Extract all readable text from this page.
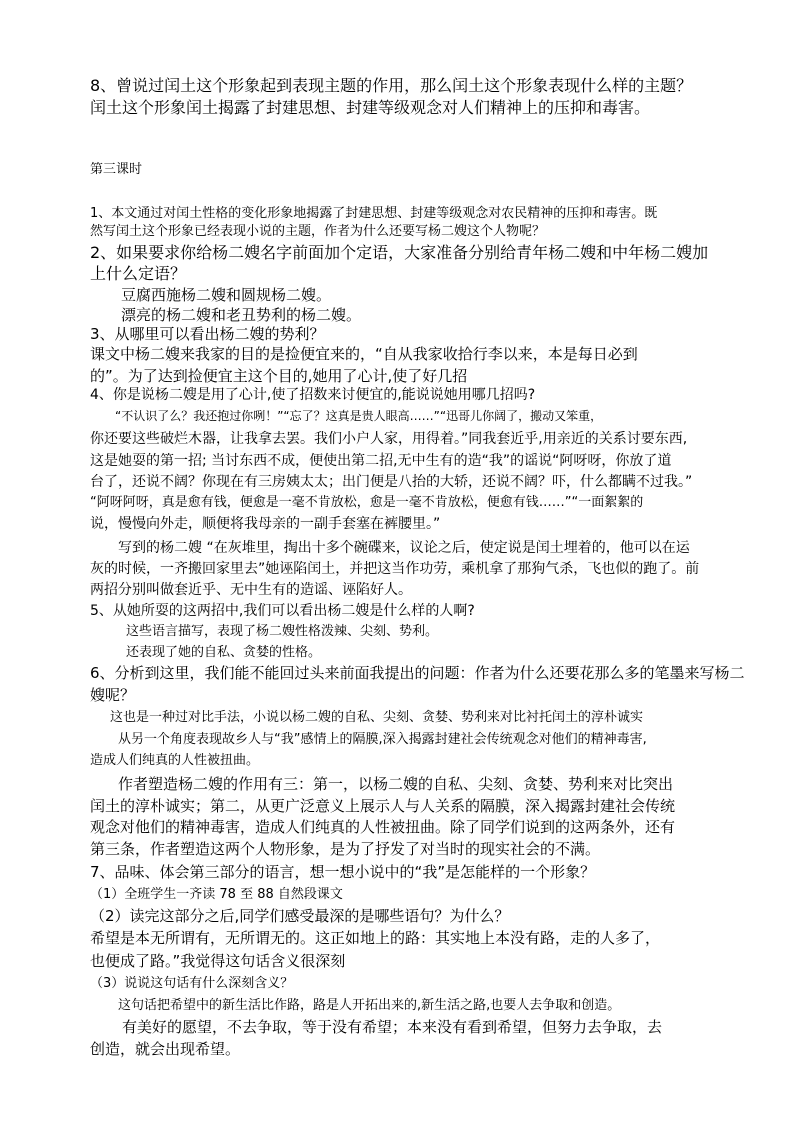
8、曾说过闰土这个形象起到表现主题的作用，那么闰土这个形象表现什么样的主题？
闰土这个形象闰土揭露了封建思想、封建等级观念对人们精神上的压抑和毒害。
第三课时
1、本文通过对闰土性格的变化形象地揭露了封建思想、封建等级观念对农民精神的压抑和毒害。既
然写闰土这个形象已经表现小说的主题，作者为什么还要写杨二嫂这个人物呢？
2、如果要求你给杨二嫂名字前面加个定语，大家准备分别给青年杨二嫂和中年杨二嫂加
上什么定语？
豆腐西施杨二嫂和圆规杨二嫂。
漂亮的杨二嫂和老丑势利的杨二嫂。
3、从哪里可以看出杨二嫂的势利？
课文中杨二嫂来我家的目的是捡便宜来的，“自从我家收拾行李以来，本是每日必到
的”。为了达到捡便宜主这个目的,她用了心计,使了好几招
4、你是说杨二嫂是用了心计,使了招数来讨便宜的,能说说她用哪几招吗?
“不认识了么？我还抱过你咧！”“忘了？这真是贵人眼高……”“迅哥儿你阔了，搬动又笨重，
你还要这些破烂木器，让我拿去罢。我们小户人家，用得着。”同我套近乎,用亲近的关系讨要东西,
这是她耍的第一招; 当讨东西不成，便使出第二招,无中生有的造“我”的谣说“阿呀呀，你放了道
台了，还说不阔？你现在有三房姨太太；出门便是八抬的大轿，还说不阔？吓，什么都瞒不过我。”
“阿呀阿呀，真是愈有钱，便愈是一毫不肯放松，愈是一毫不肯放松，便愈有钱……”“一面絮絮的
说，慢慢向外走，顺便将我母亲的一副手套塞在裤腰里。”
写到的杨二嫂 “在灰堆里，掏出十多个碗碟来，议论之后，使定说是闰土埋着的，他可以在运
灰的时候，一齐搬回家里去”她诬陷闰土，并把这当作功劳，乘机拿了那狗气杀，飞也似的跑了。前
两招分别叫做套近乎、无中生有的造谣、诬陷好人。
5、从她所耍的这两招中,我们可以看出杨二嫂是什么样的人啊?
这些语言描写，表现了杨二嫂性格泼辣、尖刻、势利。
还表现了她的自私、贪婪的性格。
6、分析到这里，我们能不能回过头来前面我提出的问题：作者为什么还要花那么多的笔墨来写杨二
嫂呢？
这也是一种过对比手法，小说以杨二嫂的自私、尖刻、贪婪、势利来对比衬托闰土的淳朴诚实
从另一个角度表现故乡人与“我”感情上的隔膜,深入揭露封建社会传统观念对他们的精神毒害,
造成人们纯真的人性被扭曲。
作者塑造杨二嫂的作用有三：第一，以杨二嫂的自私、尖刻、贪婪、势利来对比突出
闰土的淳朴诚实；第二，从更广泛意义上展示人与人关系的隔膜，深入揭露封建社会传统
观念对他们的精神毒害，造成人们纯真的人性被扭曲。除了同学们说到的这两条外，还有
第三条，作者塑造这两个人物形象，是为了抒发了对当时的现实社会的不满。
7、品味、体会第三部分的语言，想一想小说中的“我”是怎能样的一个形象？
（1）全班学生一齐读 78 至 88 自然段课文
（2）读完这部分之后,同学们感受最深的是哪些语句？为什么？
希望是本无所谓有，无所谓无的。这正如地上的路：其实地上本没有路，走的人多了，
也便成了路。”我觉得这句话含义很深刻
（3）说说这句话有什么深刻含义？
这句话把希望中的新生活比作路，路是人开拓出来的,新生活之路,也要人去争取和创造。
有美好的愿望，不去争取，等于没有希望；本来没有看到希望，但努力去争取，去
创造，就会出现希望。
